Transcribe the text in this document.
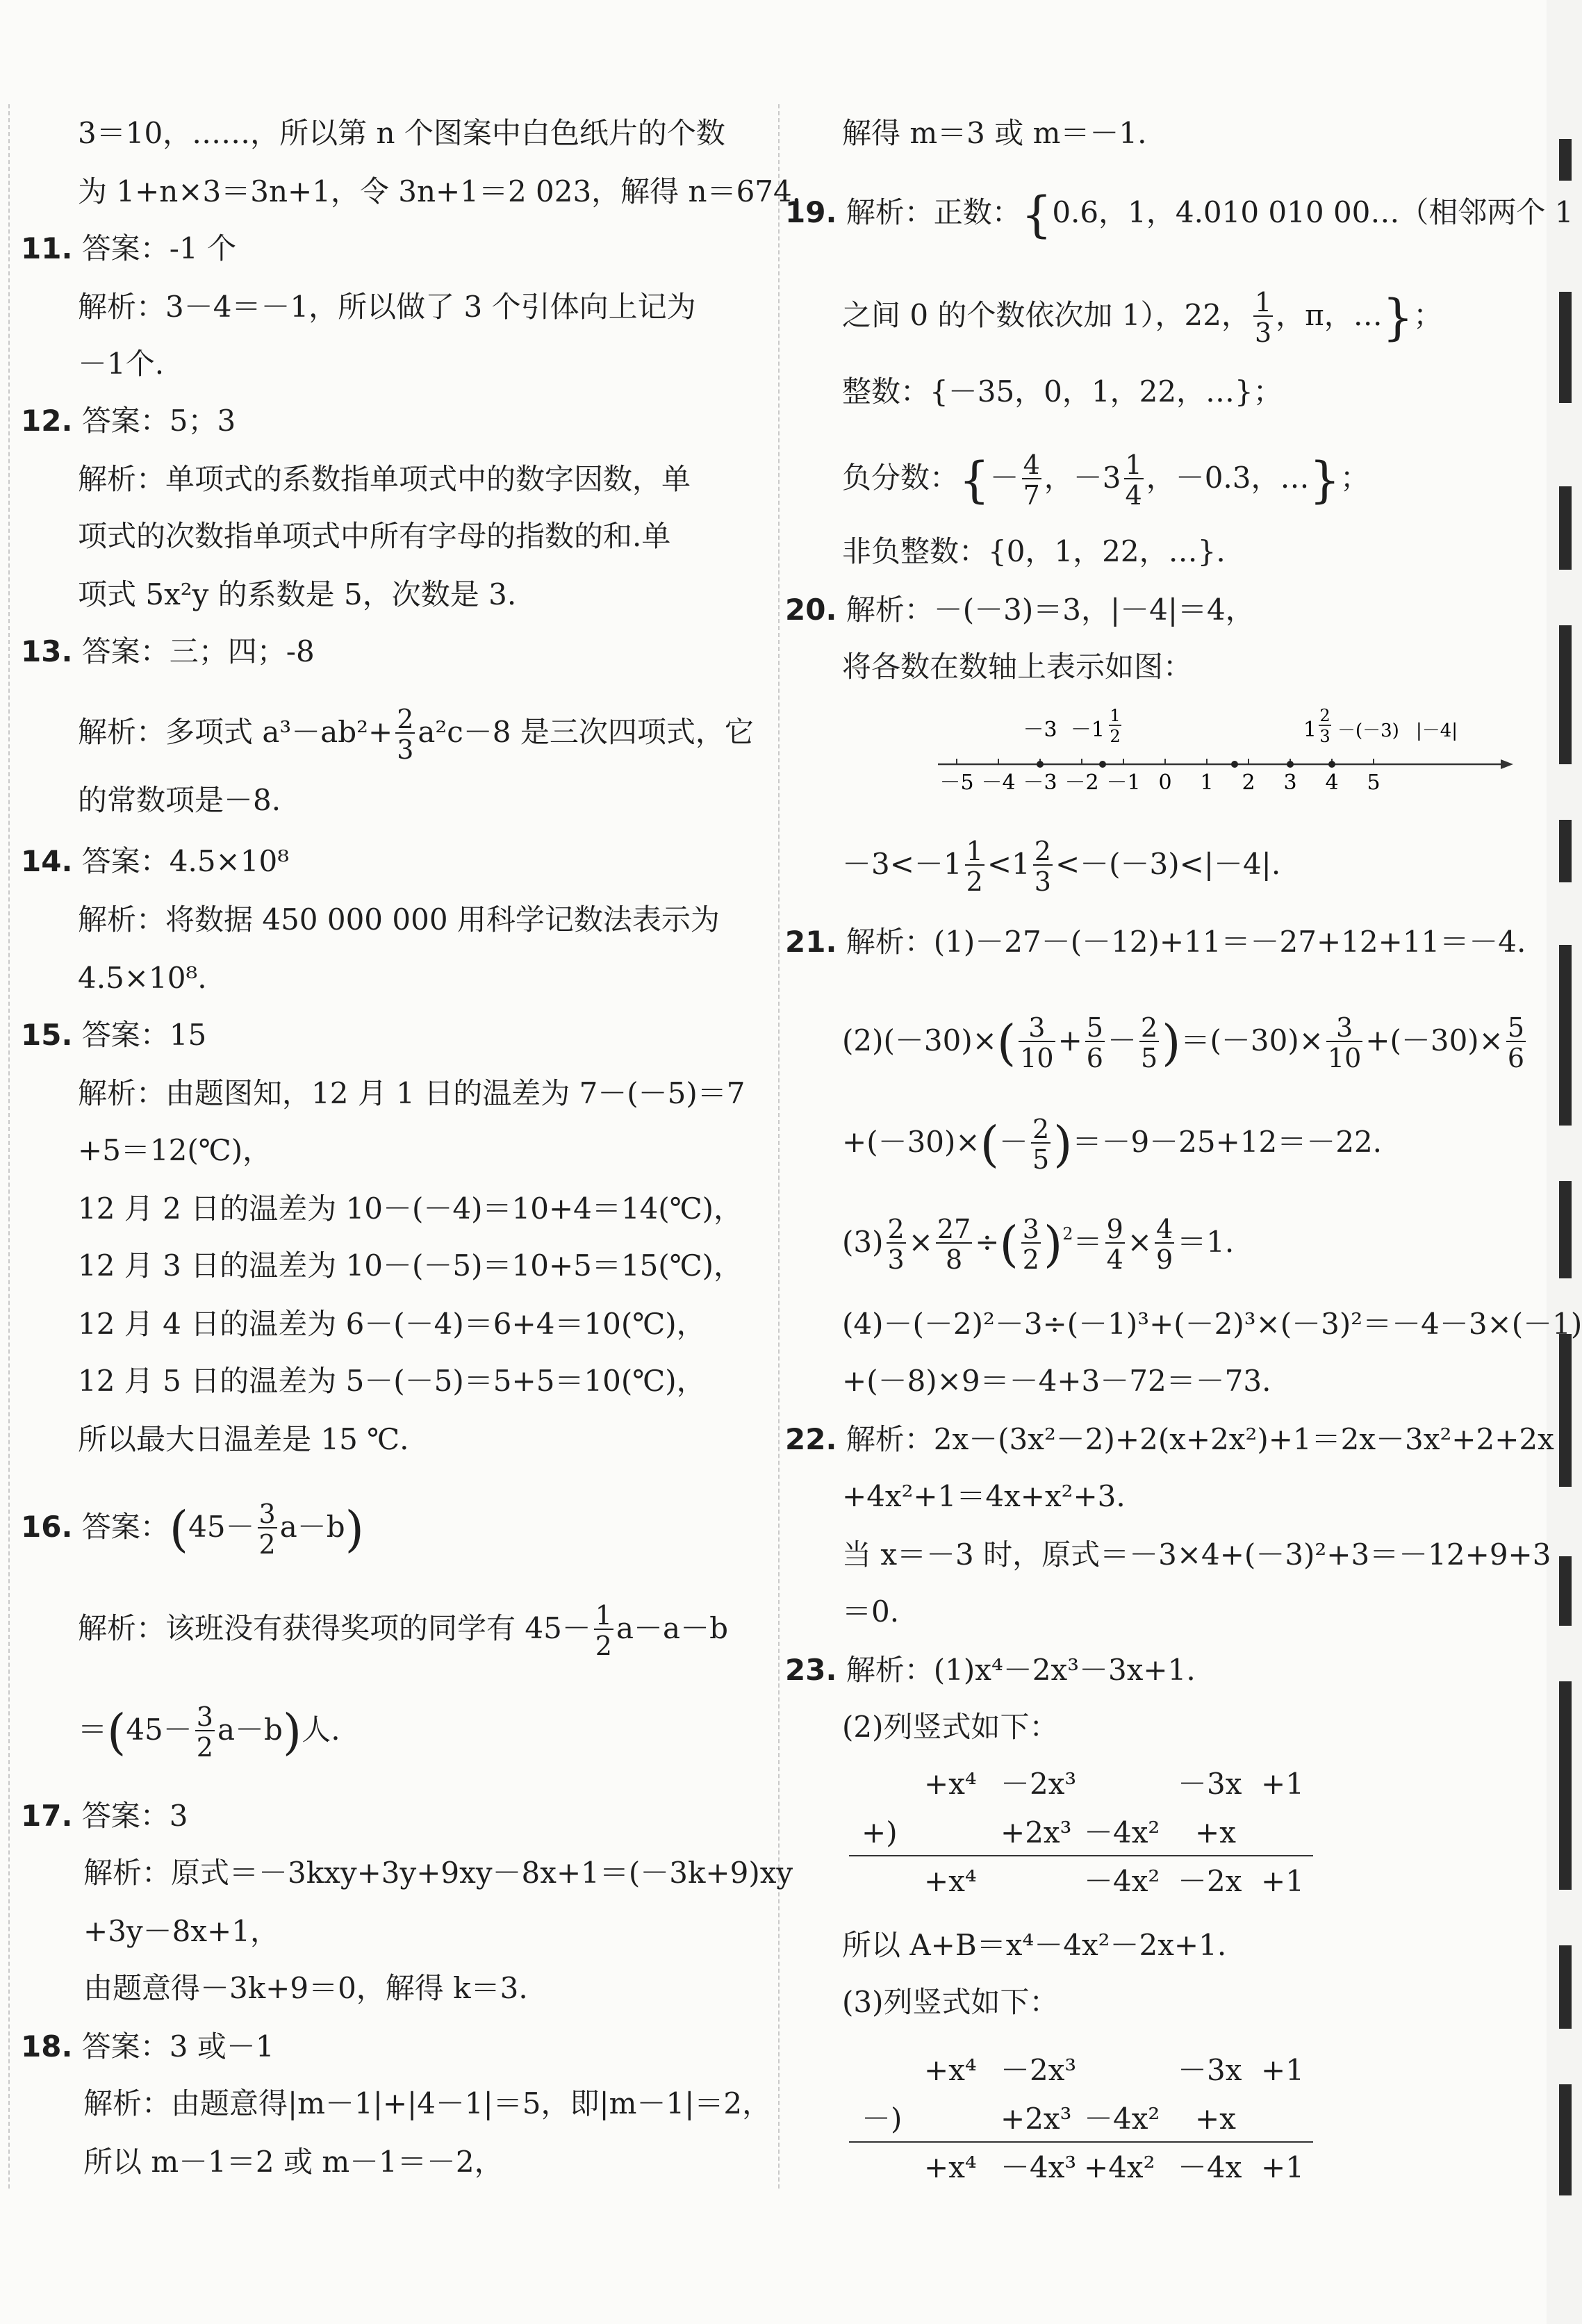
3＝10，……，所以第 n 个图案中白色纸片的个数
为 1+n×3＝3n+1，令 3n+1＝2 023，解得 n＝674.
11. 答案：-1 个
解析：3－4＝－1，所以做了 3 个引体向上记为
－1个.
12. 答案：5；3
解析：单项式的系数指单项式中的数字因数，单
项式的次数指单项式中所有字母的指数的和.单
项式 5x²y 的系数是 5，次数是 3.
13. 答案：三；四；-8
解析：多项式 $a^3-ab^2+ \frac{2}{3} a^2c-8$ 是三次四项式，它
的常数项是－8.
14. 答案：4.5×10⁸
解析：将数据 450 000 000 用科学记数法表示为
4.5×10⁸.
15. 答案：15
解析：由题图知，12 月 1 日的温差为 7－(－5)＝7
+5＝12(℃)，
12 月 2 日的温差为 10－(－4)＝10+4＝14(℃)，
12 月 3 日的温差为 10－(－5)＝10+5＝15(℃)，
12 月 4 日的温差为 6－(－4)＝6+4＝10(℃)，
12 月 5 日的温差为 5－(－5)＝5+5＝10(℃)，
所以最大日温差是 15 ℃.
16. 答案：$(45- \frac{3}{2} a-b)$
解析：该班没有获得奖项的同学有 $45- \frac{1}{2} a-a-b$
$=(45- \frac{3}{2} a-b)$人.
17. 答案：3
解析：原式＝－3kxy+3y+9xy－8x+1＝(－3k+9)xy
+3y－8x+1，
由题意得－3k+9＝0，解得 k＝3.
18. 答案：3 或－1
解析：由题意得|m－1|+|4－1|＝5，即|m－1|＝2，
所以 m－1＝2 或 m－1＝－2，
解得 m＝3 或 m＝－1.
19. 解析：正数：{0.6，1，4.010 010 00…（相邻两个 1
之间 0 的个数依次加 1），22， $\frac{1}{3}$ ，π，…}；
整数：{－35，0，1，22，…}；
负分数：{－ $\frac{4}{7}$ ，$-3 \frac{1}{4}$ ，－0.3，…}；
非负整数：{0，1，22，…}.
20. 解析：－(－3)＝3，|－4|＝4，
将各数在数轴上表示如图：
－5 －4 －3 －2 －1 0 1 2 3 4 5
－3 －1
1
2	1
2
3 －(－3) |－4|
$-3<-1 \frac{1}{2} <1 \frac{2}{3} <-(-3)<|-4|$.
21. 解析：(1)－27－(－12)+11＝－27+12+11＝－4.
$(2)(-30)\times( \frac{3}{10} + \frac{5}{6} - \frac{2}{5} )=(-30)\times \frac{3}{10} +(-30)\times \frac{5}{6}$
$+(-30)\times(- \frac{2}{5} )=-9-25+12=-22$.
$(3) \frac{2}{3} \times \frac{27}{8}$ ÷( $\frac{3}{2} )^2= \frac{9}{4} \times \frac{4}{9} =1$.
(4)－(－2)²－3÷(－1)³+(－2)³×(－3)²＝－4－3×(－1)
+(－8)×9＝－4+3－72＝－73.
22. 解析：2x－(3x²－2)+2(x+2x²)+1＝2x－3x²+2+2x
+4x²+1＝4x+x²+3.
当 x＝－3 时，原式＝－3×4+(－3)²+3＝－12+9+3
＝0.
23. 解析：(1)x⁴－2x³－3x+1.
(2)列竖式如下：
+x⁴ －2x³	－3x +1
+)	+2x³ －4x² +x
+x⁴	－4x² －2x +1
所以 A+B＝x⁴－4x²－2x+1.
(3)列竖式如下：
+x⁴ －2x³	－3x +1
－)	+2x³ －4x² +x
+x⁴ －4x³ +4x² －4x +1
